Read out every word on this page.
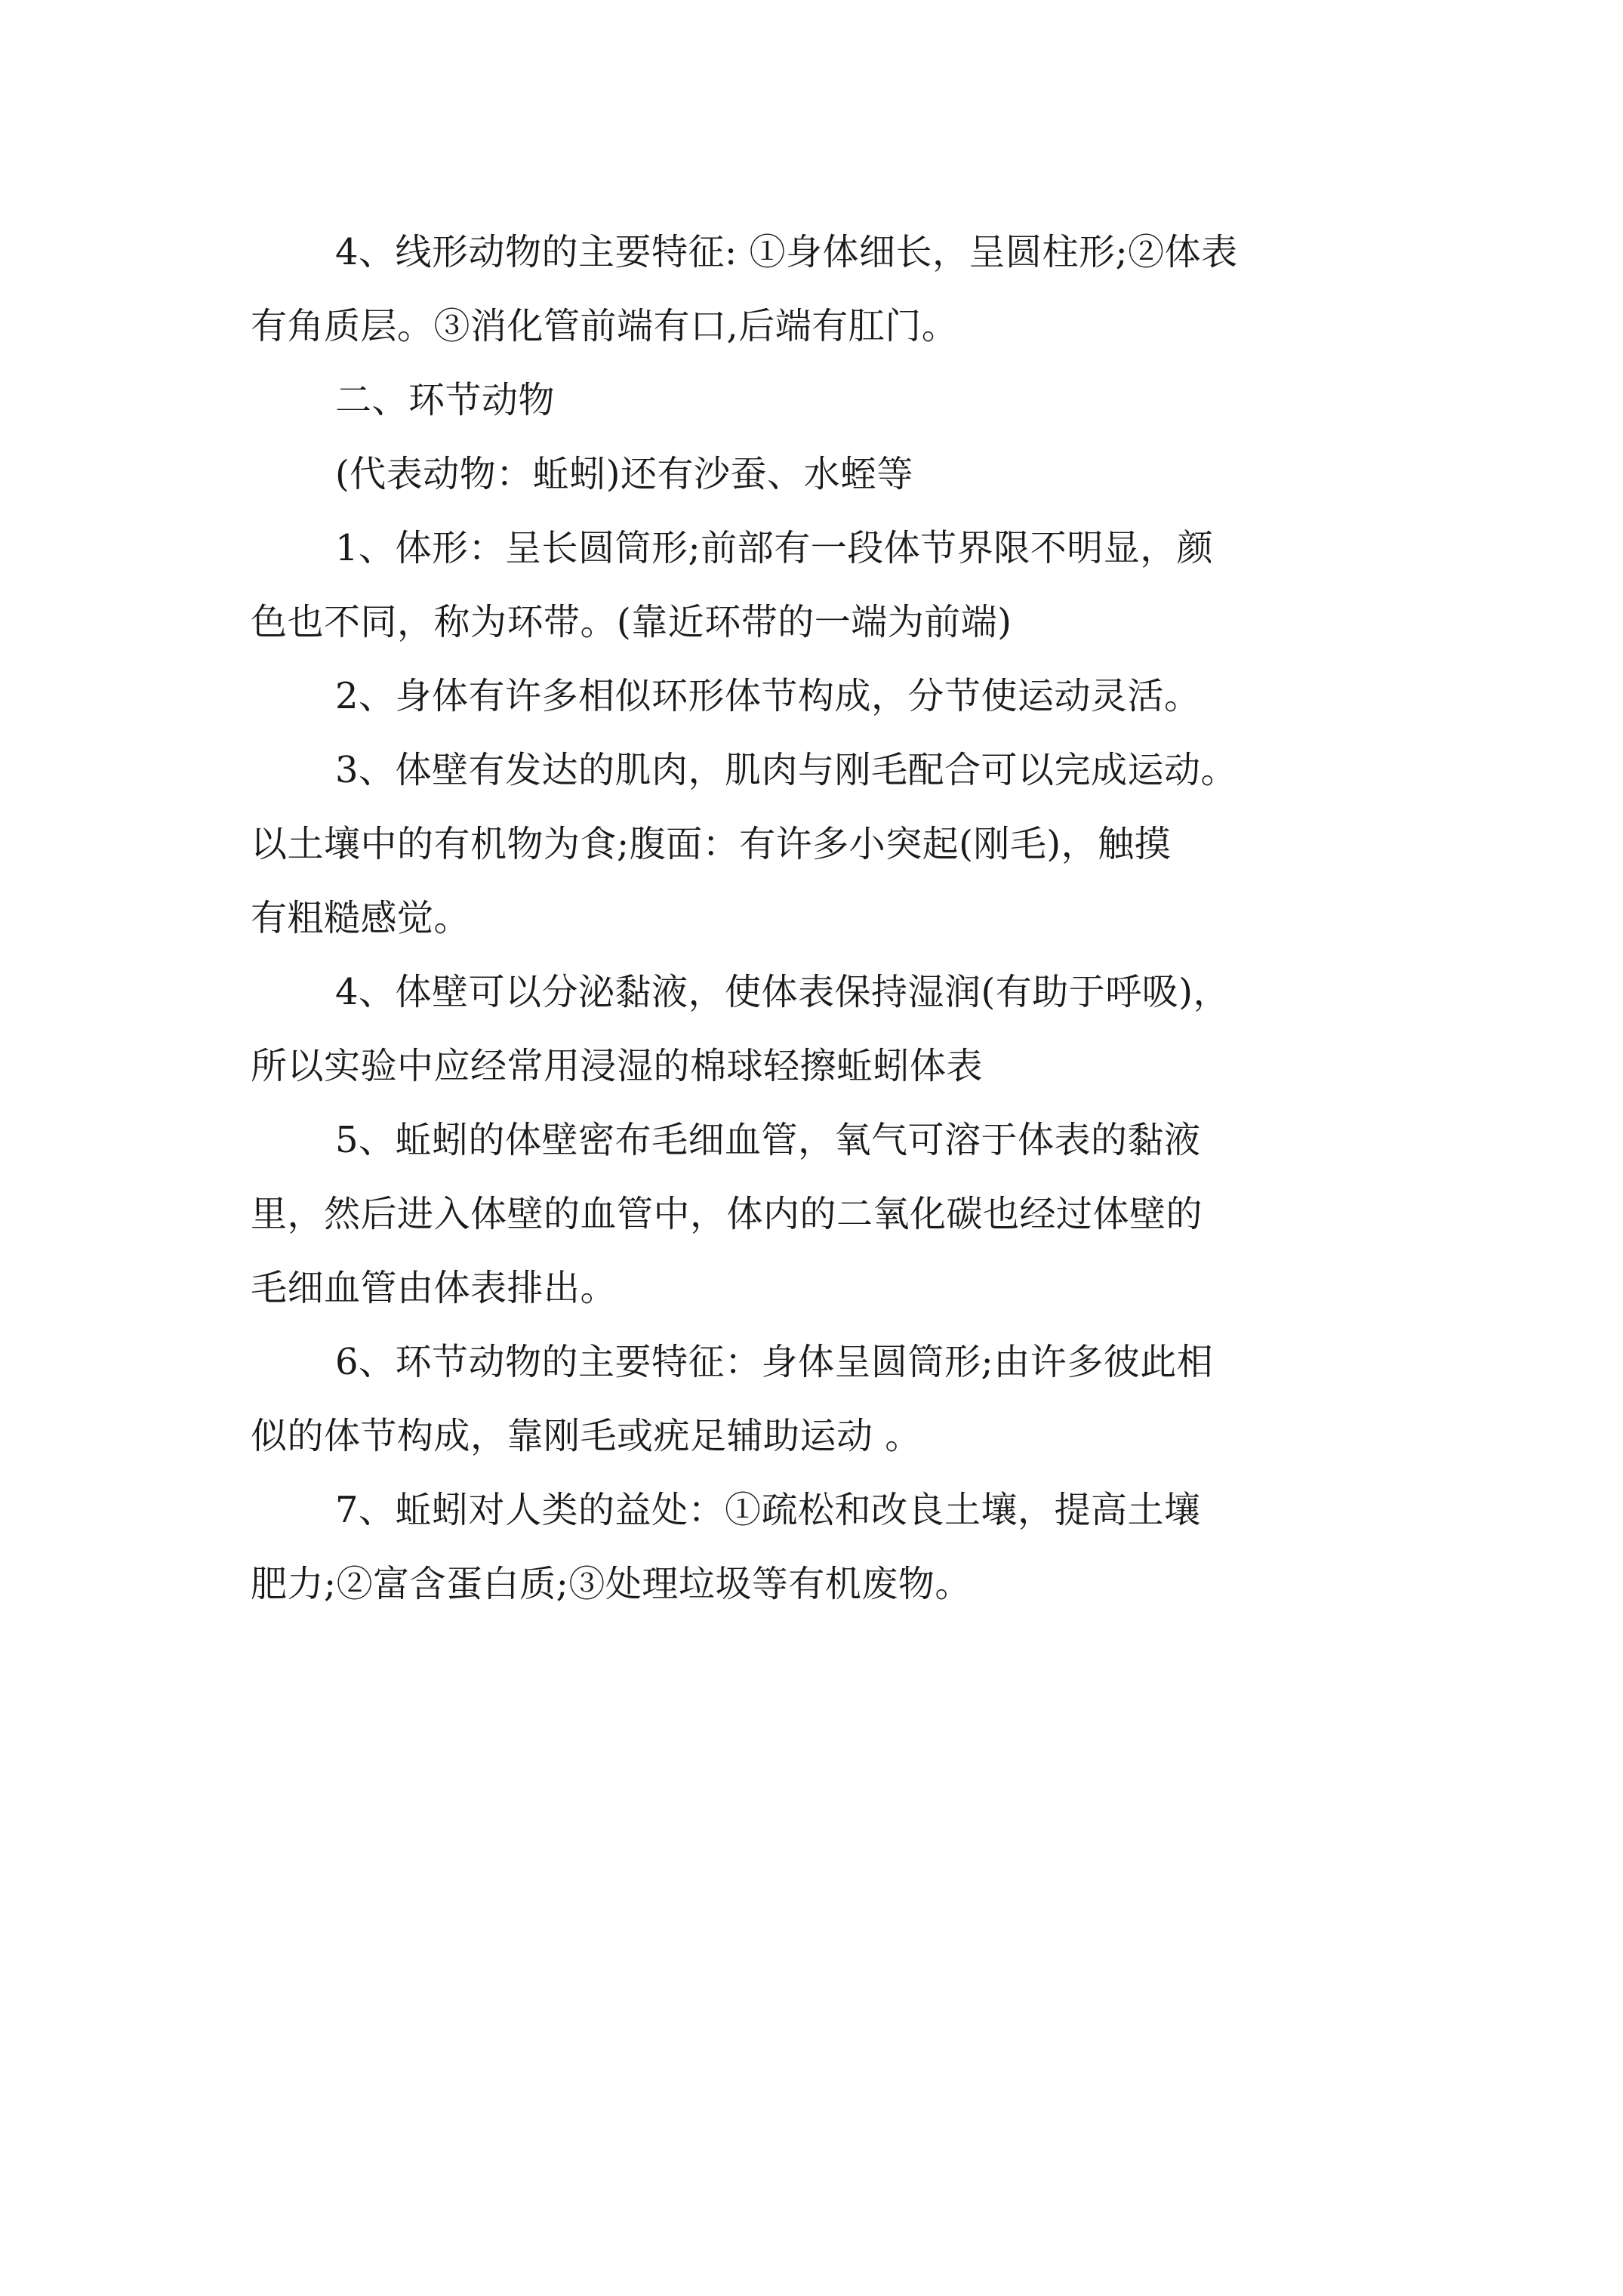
4、线形动物的主要特征: ①身体细长，呈圆柱形;②体表
有角质层。③消化管前端有口,后端有肛门。

二、环节动物

(代表动物：蚯蚓)还有沙蚕、水蛭等

1、体形：呈长圆筒形;前部有一段体节界限不明显，颜
色也不同，称为环带。(靠近环带的一端为前端)

2、身体有许多相似环形体节构成，分节使运动灵活。

3、体壁有发达的肌肉，肌肉与刚毛配合可以完成运动。
以土壤中的有机物为食;腹面：有许多小突起(刚毛)，触摸
有粗糙感觉。

4、体壁可以分泌黏液，使体表保持湿润(有助于呼吸)，
所以实验中应经常用浸湿的棉球轻擦蚯蚓体表

5、蚯蚓的体壁密布毛细血管，氧气可溶于体表的黏液
里，然后进入体壁的血管中，体内的二氧化碳也经过体壁的
毛细血管由体表排出。

6、环节动物的主要特征：身体呈圆筒形;由许多彼此相
似的体节构成，靠刚毛或疣足辅助运动 。

7、蚯蚓对人类的益处：①疏松和改良土壤，提高土壤
肥力;②富含蛋白质;③处理垃圾等有机废物。
